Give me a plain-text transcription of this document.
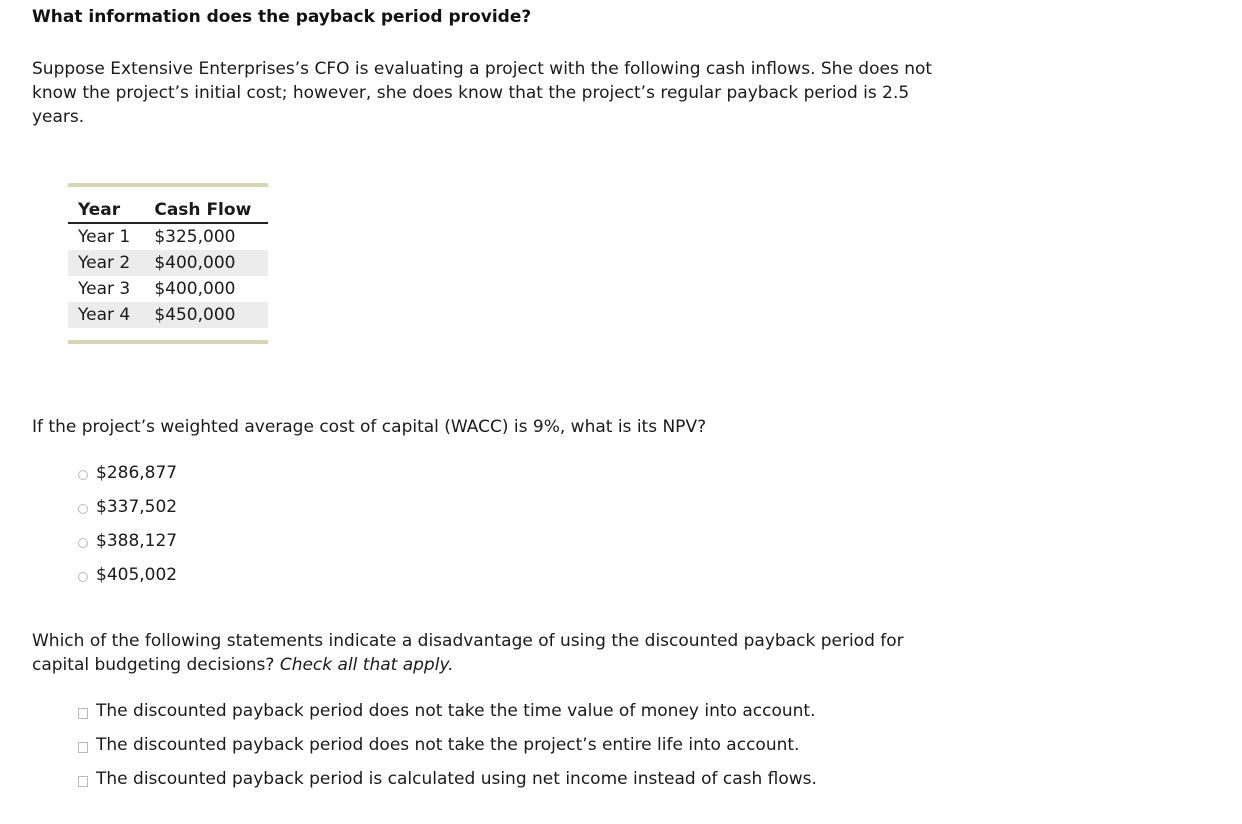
What information does the payback period provide?
Suppose Extensive Enterprises’s CFO is evaluating a project with the following cash inflows. She does not know the project’s initial cost; however, she does know that the project’s regular payback period is 2.5 years.
Year	Cash Flow
Year 1	$325,000
Year 2	$400,000
Year 3	$400,000
Year 4	$450,000
If the project’s weighted average cost of capital (WACC) is 9%, what is its NPV?
$286,877
$337,502
$388,127
$405,002
Which of the following statements indicate a disadvantage of using the discounted payback period for capital budgeting decisions? Check all that apply.
The discounted payback period does not take the time value of money into account.
The discounted payback period does not take the project’s entire life into account.
The discounted payback period is calculated using net income instead of cash flows.
